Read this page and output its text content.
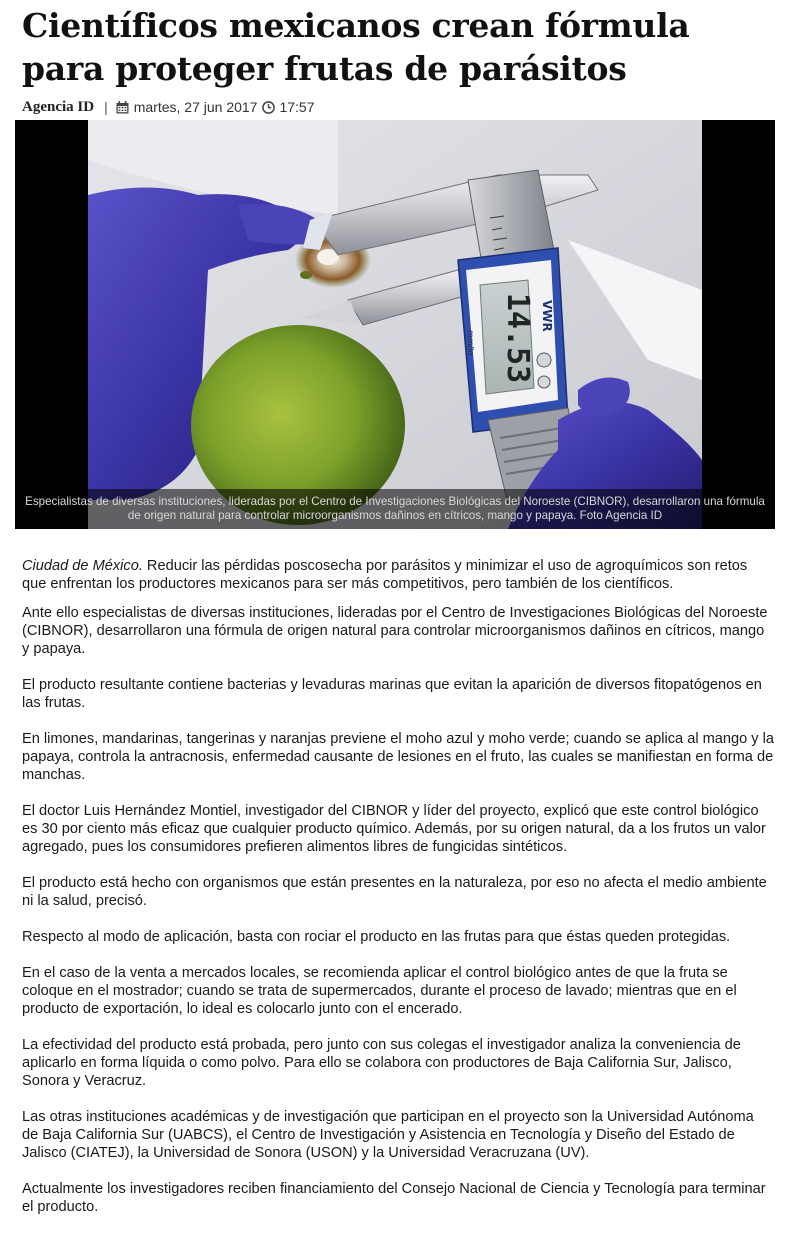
Científicos mexicanos crean fórmula para proteger frutas de parásitos
Agencia ID | martes, 27 jun 2017 17:57
14.53 VWR
mm/in
Especialistas de diversas instituciones, lideradas por el Centro de Investigaciones Biológicas del Noroeste (CIBNOR), desarrollaron una fórmula de origen natural para controlar microorganismos dañinos en cítricos, mango y papaya. Foto Agencia ID

Ciudad de México. Reducir las pérdidas poscosecha por parásitos y minimizar el uso de agroquímicos son retos que enfrentan los productores mexicanos para ser más competitivos, pero también de los científicos.

Ante ello especialistas de diversas instituciones, lideradas por el Centro de Investigaciones Biológicas del Noroeste (CIBNOR), desarrollaron una fórmula de origen natural para controlar microorganismos dañinos en cítricos, mango y papaya.

El producto resultante contiene bacterias y levaduras marinas que evitan la aparición de diversos fitopatógenos en las frutas.

En limones, mandarinas, tangerinas y naranjas previene el moho azul y moho verde; cuando se aplica al mango y la papaya, controla la antracnosis, enfermedad causante de lesiones en el fruto, las cuales se manifiestan en forma de manchas.

El doctor Luis Hernández Montiel, investigador del CIBNOR y líder del proyecto, explicó que este control biológico es 30 por ciento más eficaz que cualquier producto químico. Además, por su origen natural, da a los frutos un valor agregado, pues los consumidores prefieren alimentos libres de fungicidas sintéticos.

El producto está hecho con organismos que están presentes en la naturaleza, por eso no afecta el medio ambiente ni la salud, precisó.

Respecto al modo de aplicación, basta con rociar el producto en las frutas para que éstas queden protegidas.

En el caso de la venta a mercados locales, se recomienda aplicar el control biológico antes de que la fruta se coloque en el mostrador; cuando se trata de supermercados, durante el proceso de lavado; mientras que en el producto de exportación, lo ideal es colocarlo junto con el encerado.

La efectividad del producto está probada, pero junto con sus colegas el investigador analiza la conveniencia de aplicarlo en forma líquida o como polvo. Para ello se colabora con productores de Baja California Sur, Jalisco, Sonora y Veracruz.

Las otras instituciones académicas y de investigación que participan en el proyecto son la Universidad Autónoma de Baja California Sur (UABCS), el Centro de Investigación y Asistencia en Tecnología y Diseño del Estado de Jalisco (CIATEJ), la Universidad de Sonora (USON) y la Universidad Veracruzana (UV).

Actualmente los investigadores reciben financiamiento del Consejo Nacional de Ciencia y Tecnología para terminar el producto.
